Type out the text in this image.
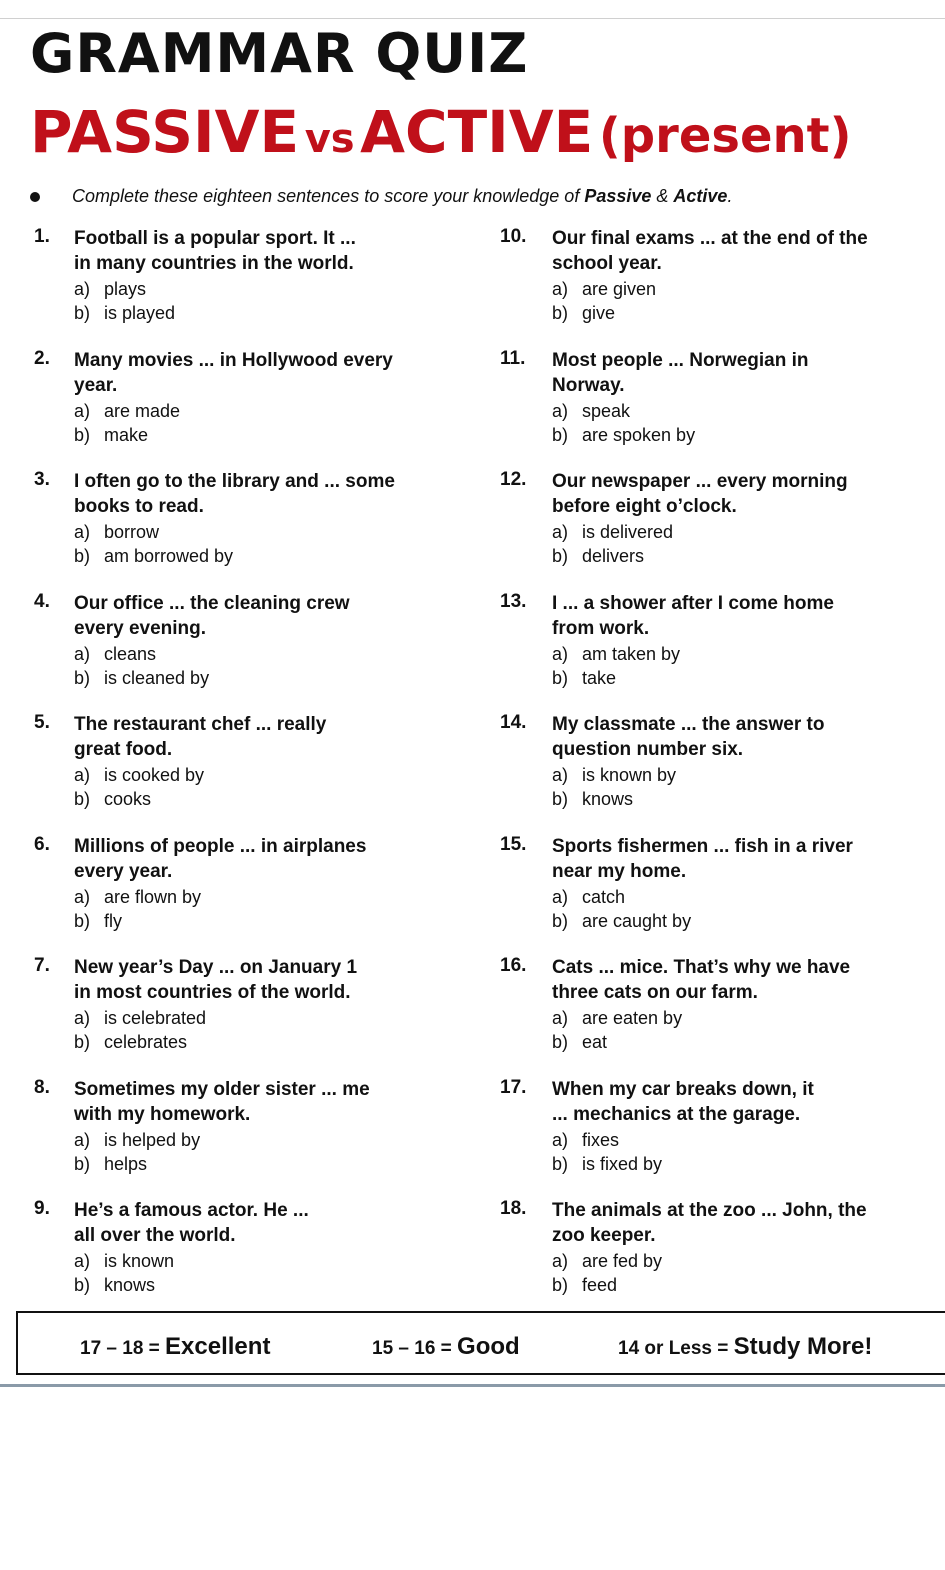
GRAMMAR QUIZ
PASSIVE vs ACTIVE (present)
Complete these eighteen sentences to score your knowledge of Passive & Active.
1. Football is a popular sport. It ...
in many countries in the world.
a) plays
b) is played
2. Many movies ... in Hollywood every
year.
a) are made
b) make
3. I often go to the library and ... some
books to read.
a) borrow
b) am borrowed by
4. Our office ... the cleaning crew
every evening.
a) cleans
b) is cleaned by
5. The restaurant chef ... really
great food.
a) is cooked by
b) cooks
6. Millions of people ... in airplanes
every year.
a) are flown by
b) fly
7. New year’s Day ... on January 1
in most countries of the world.
a) is celebrated
b) celebrates
8. Sometimes my older sister ... me
with my homework.
a) is helped by
b) helps
9. He’s a famous actor. He ...
all over the world.
a) is known
b) knows
10. Our final exams ... at the end of the
school year.
a) are given
b) give
11. Most people ... Norwegian in
Norway.
a) speak
b) are spoken by
12. Our newspaper ... every morning
before eight o’clock.
a) is delivered
b) delivers
13. I ... a shower after I come home
from work.
a) am taken by
b) take
14. My classmate ... the answer to
question number six.
a) is known by
b) knows
15. Sports fishermen ... fish in a river
near my home.
a) catch
b) are caught by
16. Cats ... mice. That’s why we have
three cats on our farm.
a) are eaten by
b) eat
17. When my car breaks down, it
... mechanics at the garage.
a) fixes
b) is fixed by
18. The animals at the zoo ... John, the
zoo keeper.
a) are fed by
b) feed
17 – 18 = Excellent	15 – 16 = Good	14 or Less = Study More!
